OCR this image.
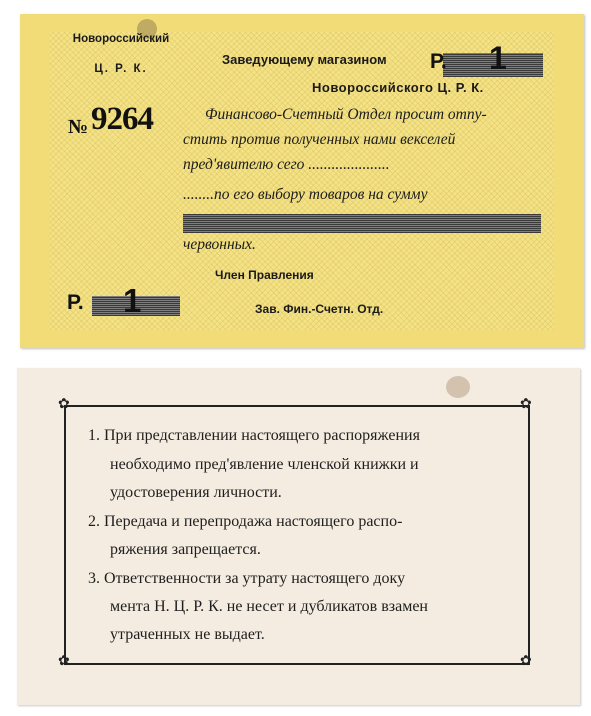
Новороссийский
Ц. Р. К.
№ 9264
Заведующему магазином
Новороссийского Ц. Р. К.
Р. 1
Финансово-Счетный Отдел просит отпу-
стить против полученных нами векселей
пред'явителю сего .....................
........по его выбору товаров на сумму
червонных.
Член Правления
Зав. Фин.-Счетн. Отд.
Р. 1
✿	✿
✿	✿
1. При представлении настоящего распоряжения
необходимо пред'явление членской книжки и
удостоверения личности.
2. Передача и перепродажа настоящего распо-
ряжения запрещается.
3. Ответственности за утрату настоящего доку
мента Н. Ц. Р. К. не несет и дубликатов взамен
утраченных не выдает.
